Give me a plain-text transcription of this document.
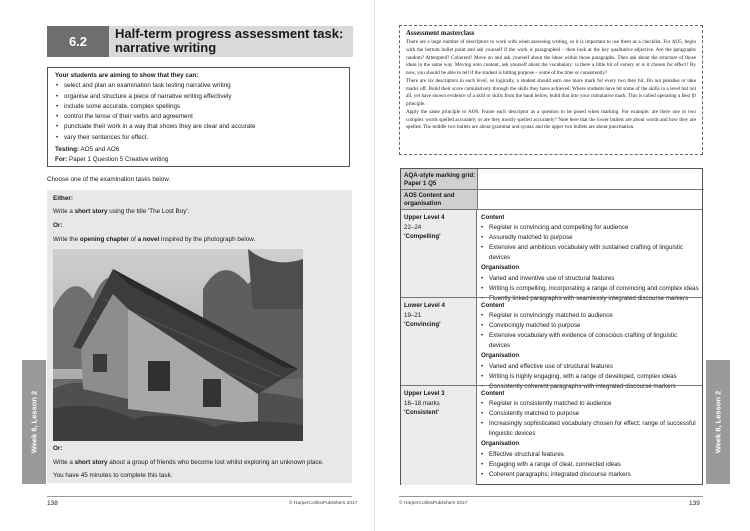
6.2
Half-term progress assessment task:
narrative writing
Your students are aiming to show that they can:
• select and plan an examination task testing narrative writing
• organise and structure a piece of narrative writing effectively
• include some accurate, complex spellings
• control the tense of their verbs and agreement
• punctuate their work in a way that shows they are clear and accurate
• vary their sentences for effect.
Testing: AO5 and AO6
For: Paper 1 Question 5 Creative writing
Choose one of the examination tasks below.
Either:
Write a short story using the title 'The Lost Boy'.
Or:
Write the opening chapter of a novel inspired by the photograph below.
Or:
Write a short story about a group of friends who become lost whilst exploring an unknown place.
You have 45 minutes to complete this task.
Week 6, Lesson 2
138	© HarperCollinsPublishers 2017
Assessment masterclass
There are a large number of descriptors to work with when assessing writing, so it is important to use them as a checklist. For AO5, begin with the bottom bullet point and ask yourself if the work is paragraphed – then look at the key qualitative adjective. Are the paragraphs random? Attempted? Coherent? Move on and ask yourself about the ideas within those paragraphs. Then ask about the structure of those ideas in the same way. Moving onto content, ask yourself about the vocabulary: is there a little bit of variety or is it chosen for effect? By now, you should be able to tell if the student is hitting purpose – some of the time or consistently?
There are six descriptors in each level, so logically, a student should earn one more mark for every two they hit. Do not penalise or take marks off. Build their score cumulatively through the skills they have achieved. Where students have hit some of the skills in a level but not all, yet have shown evidence of a skill or skills from the band below, build that into your cumulative mark. This is called operating a Best fit principle.
Apply the same principle to AO6. Frame each descriptor as a question to be posed when marking. For example: are there one or two complex words spelled accurately or are they mostly spelled accurately? Note here that the lower bullets are about words and how they are spelled. The middle two bullets are about grammar and syntax and the upper two bullets are about punctuation.
AQA-style marking grid: Paper 1 Q5
AO5 Content and organisation
Upper Level 4
22–24
'Compelling'
Content
• Register is convincing and compelling for audience
• Assuredly matched to purpose
• Extensive and ambitious vocabulary with sustained crafting of linguistic devices
Organisation
• Varied and inventive use of structural features
• Writing is compelling, incorporating a range of convincing and complex ideas
• Fluently linked paragraphs with seamlessly integrated discourse markers
Lower Level 4
19–21
'Convincing'
Content
• Register is convincingly matched to audience
• Convincingly matched to purpose
• Extensive vocabulary with evidence of conscious crafting of linguistic devices
Organisation
• Varied and effective use of structural features
• Writing is highly engaging, with a range of developed, complex ideas
• Consistently coherent paragraphs with integrated discourse markers
Upper Level 3
16–18 marks
'Consistent'
Content
• Register is consistently matched to audience
• Consistently matched to purpose
• Increasingly sophisticated vocabulary chosen for effect; range of successful linguistic devices
Organisation
• Effective structural features
• Engaging with a range of clear, connected ideas
• Coherent paragraphs; integrated discourse markers
Week 6, Lesson 2
© HarperCollinsPublishers 2017	139
